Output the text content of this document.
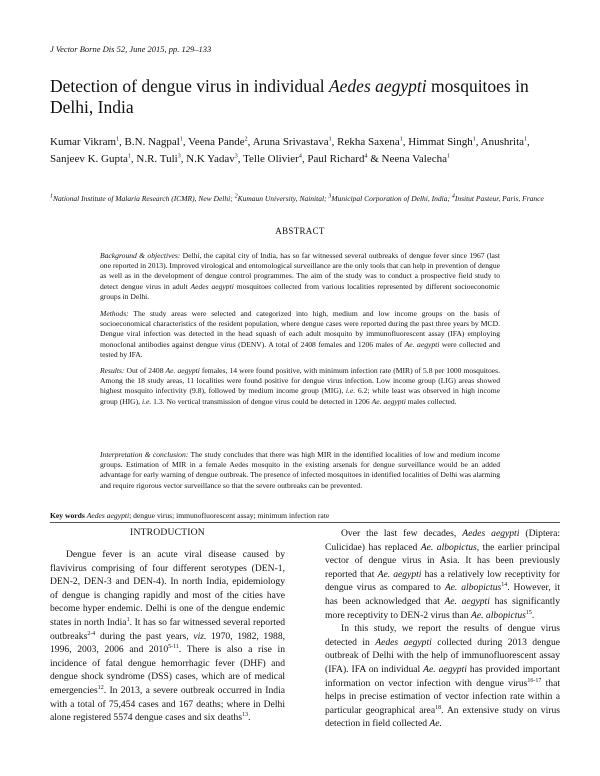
J Vector Borne Dis 52, June 2015, pp. 129–133
Detection of dengue virus in individual Aedes aegypti mosquitoes in Delhi, India
Kumar Vikram$^1$, B.N. Nagpal$^1$, Veena Pande$^2$, Aruna Srivastava$^1$, Rekha Saxena$^1$, Himmat Singh$^1$, Anushrita$^1$, Sanjeev K. Gupta$^1$, N.R. Tuli$^3$, N.K Yadav$^3$, Telle Olivier$^4$, Paul Richard$^4$ & Neena Valecha$^1$
$^1$National Institute of Malaria Research (ICMR), New Delhi; $^2$Kumaun University, Nainital; $^3$Municipal Corporation of Delhi, India; $^4$Insitut Pasteur, Paris, France
ABSTRACT
Background & objectives: Delhi, the capital city of India, has so far witnessed several outbreaks of dengue fever since 1967 (last one reported in 2013). Improved virological and entomological surveillance are the only tools that can help in prevention of dengue as well as in the development of dengue control programmes. The aim of the study was to conduct a prospective field study to detect dengue virus in adult Aedes aegypti mosquitoes collected from various localities represented by different socioeconomic groups in Delhi.
Methods: The study areas were selected and categorized into high, medium and low income groups on the basis of socioeconomical characteristics of the resident population, where dengue cases were reported during the past three years by MCD. Dengue viral infection was detected in the head squash of each adult mosquito by immunofluorescent assay (IFA) employing monoclonal antibodies against dengue virus (DENV). A total of 2408 females and 1206 males of Ae. aegypti were collected and tested by IFA.
Results: Out of 2408 Ae. aegypti females, 14 were found positive, with minimum infection rate (MIR) of 5.8 per 1000 mosquitoes. Among the 18 study areas, 11 localities were found positive for dengue virus infection. Low income group (LIG) areas showed highest mosquito infectivity (9.8), followed by medium income group (MIG), i.e. 6.2; while least was observed in high income group (HIG), i.e. 1.3. No vertical transmission of dengue virus could be detected in 1206 Ae. aegypti males collected.
Interpretation & conclusion: The study concludes that there was high MIR in the identified localities of low and medium income groups. Estimation of MIR in a female Aedes mosquito in the existing arsenals for dengue surveillance would be an added advantage for early warning of dengue outbreak. The presence of infected mosquitoes in identified localities of Delhi was alarming and require rigorous vector surveillance so that the severe outbreaks can be prevented.
Key words Aedes aegypti; dengue virus; immunofluorescent assay; minimum infection rate
INTRODUCTION

Dengue fever is an acute viral disease caused by flavivirus comprising of four different serotypes (DEN-1, DEN-2, DEN-3 and DEN-4). In north India, epidemiology of dengue is changing rapidly and most of the cities have become hyper endemic. Delhi is one of the dengue endemic states in north India$^1$. It has so far witnessed several reported outbreaks$^{2-4}$ during the past years, viz. 1970, 1982, 1988, 1996, 2003, 2006 and 2010$^{5-11}$. There is also a rise in incidence of fatal dengue hemorrhagic fever (DHF) and dengue shock syndrome (DSS) cases, which are of medical emergencies$^{12}$. In 2013, a severe outbreak occurred in India with a total of 75,454 cases and 167 deaths; where in Delhi alone registered 5574 dengue cases and six deaths$^{13}$.

Over the last few decades, Aedes aegypti (Diptera: Culicidae) has replaced Ae. albopictus, the earlier principal vector of dengue virus in Asia. It has been previously reported that Ae. aegypti has a relatively low receptivity for dengue virus as compared to Ae. albopictus$^{14}$. However, it has been acknowledged that Ae. aegypti has significantly more receptivity to DEN-2 virus than Ae. albopictus$^{15}$.

In this study, we report the results of dengue virus detected in Aedes aegypti collected during 2013 dengue outbreak of Delhi with the help of immunofluorescent assay (IFA). IFA on individual Ae. aegypti has provided important information on vector infection with dengue virus$^{16-17}$ that helps in precise estimation of vector infection rate within a particular geographical area$^{18}$. An extensive study on virus detection in field collected Ae.
